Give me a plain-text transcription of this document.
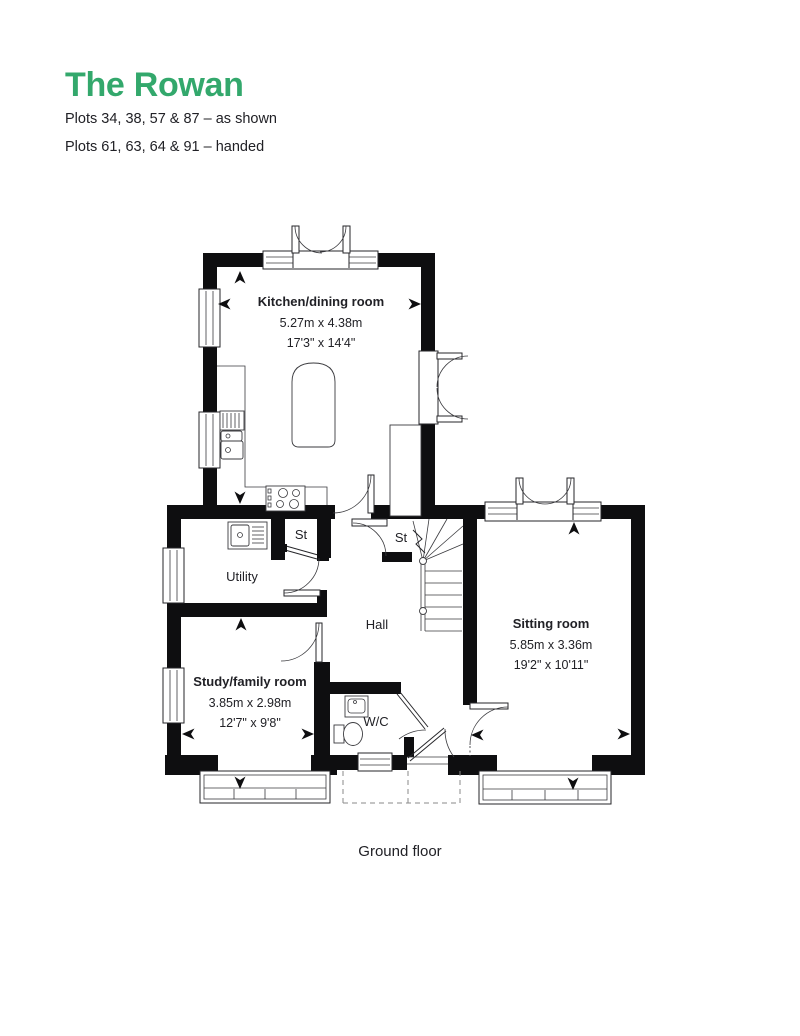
The Rowan
Plots 34, 38, 57 & 87 – as shown
Plots 61, 63, 64 & 91 – handed
Kitchen/dining room
5.27m x 4.38m
17'3" x 14'4"
Utility
St	St
Hall
W/C
Study/family room
3.85m x 2.98m
12'7" x 9'8"
Sitting room
5.85m x 3.36m
19'2" x 10'11"
Ground floor
